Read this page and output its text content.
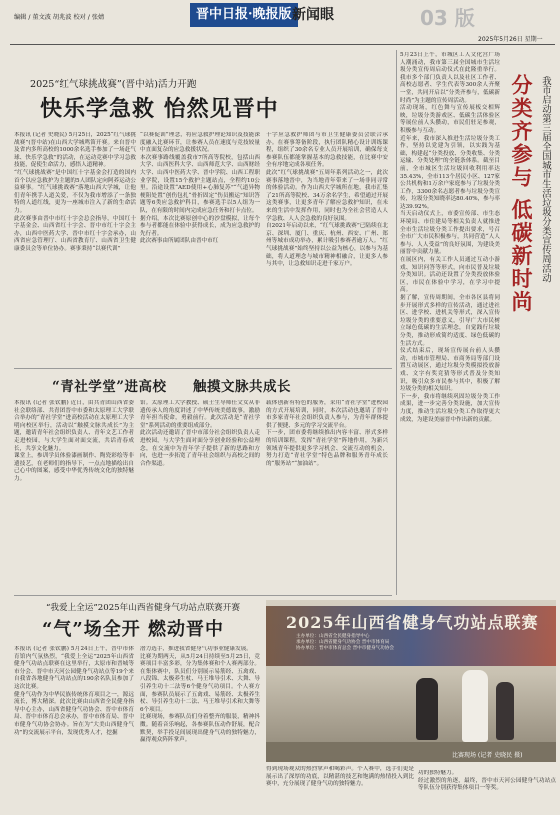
编辑 / 董文波 胡兆波 校对 / 张婧	晋中日报·晚报版 新闻眼	03 版
2025年5月26日 星期一
2025“红气球挑战赛”(晋中站)活力开跑
快乐学急救 怡然见晋中
本报讯 (记者 史晓民) 5月25日，2025“红气球挑战赛”(晋中站)在山西大学城鸣笛开赛。来自晋中及省内多所高校的1000余名选手参加了一场赶气球、快乐学急救”的活动，在运动竞赛中学习急救技能，促使生命活力，感悟人道精神。
“红气球挑战赛”是中国红十字基金会打造的国内首个以应急救护为主题的5人团队定向阿养运动公益赛事。“红气球挑战赛”落地山西大学城，让他们青年携手人道关爱，不仅为我市增添了一条独特的人道红线，更为一座城市注入了新的生命活力。
此次赛事由晋中市红十字会总会指导，中国红十字基金会、山西省红十字会、晋中市红十字会主办，山西中医药大学、晋中市红十字会承办，山西省应急管理厅、山西省教育厅、山西省卫生健康委员会等单位协办。赛事秉持“以赛代训”
“以赛促训”理念，将应急救护理论知识及技能深度融入比赛环节，让参赛人员在速度与竞技较量中直面复杂的应急救援状况。
本次赛事路线覆盖我市7所高等院校，包括山西大学、山西医科大学、山西师范大学、山西财经大学、山西中医药大学、晋中学院、山西工程职业学院，设置15个救护主题站点，全程约10公里。沿途设置“AED使用+心肺复苏”“气道异物梗阻处置“创伤包扎“骨折固定“伤员搬运”知识答题等6类应急救护科目，参赛选手以5人组为一队，在有限的时间内完成应急任务和打卡点位。
据介绍，本次比赛原创中心的沙盘模拟，让每个参与者都能在体验中获得成长，成为应急救护的先行者。
此次赛事由所属团队由晋中市红
十字应急救护师团与市卫生健康委员会联合承办。在赛事筹备阶段，执行团队精心设计训练课程，组织了30余名专业人员开展培训，确保每支参赛队伍都能掌握基本的急救技能，在比赛中安全有序地完成各项任务。
此次“红气球挑战赛”五周年系列活动之一，此次赛事落地晋中，为当地青年带来了一场非同寻常的体验活动。作为山西大学城所在地，我市汇集了21所高等院校、34万余名学生，希望通过开展这类赛事，让更多青年了解应急救护知识，在未来的生活中发挥作用，同时也为全社会营造人人学急救、人人会急救的良好氛围。
自2021年启动以来，“红气球挑战赛”已陆续在北京、深圳、厦门、重庆、杭州、西安、广州、郑州等城市成功举办，累计吸引参赛者逾万人。“红气球挑战赛”始终坚持以公益为核心，以参与为基础，将人道理念与城市精神相融合，让更多人参与其中，让急救知识走进千家万户。
“青社学堂”进高校 触摸文脉共成长
本报讯 (记者 张钦鹏) 近日，由共青团山西省委社会联络部、共青团晋中市委和太原理工大学联合举办的“青社学堂”进高校活动在太原理工大学明向校区举行，活动以“触摸文脉共成长”为主题，邀请青年社会组织负责人、青年文艺工作者走进校园，与大学生面对面交流，共话青春成长，共享文化魅力。
课堂上，参训学员体验漆画制作、陶瓷彩绘等非遗技艺，在老师们的指导下，一点点地描绘出自己心中的图案，感受中华优秀传统文化的独特魅力。
馆。太原理工大学教授、硕士生导师任文女从非遗传承人的角度讲述了中华传统美德故事，激励青年担当使命，勇毅前行。此次活动是“青社学堂”系列活动的重要组成部分。
此次活动还邀请了晋中市部分社会组织负责人走进校园，与大学生面对面分享创业经验和公益理念，在交流中为青年学子提供了新的思路和方向，也进一步拓宽了青年社会组织与高校之间的合作渠道。
载体创新有特色的服务，采用“青社学堂”进校园的方式开展培训，同时，本次活动也邀请了晋中市多家青年社会组织负责人参与，为青年群体提供了便捷、多元的学习交流平台。
下一步，团市委将继续推出内容丰富、形式多样的培训课程，发挥“青社学堂”阵地作用，为新兴领域青年提供更多学习机会、交流互动的机会，努力打造“青社学堂”特色品牌和服务青年成长的“服务站”“加油站”。
分类齐参与 低碳新时尚 我市启动第三届全国城市生活垃圾分类宣传周活动
5月23日上午，市城区工人文化宫广场人潮涌动，我市第三届全国城市生活垃圾分类宣传周启动仪式在此隆重举行。我市多个部门负责人以及社区工作者、高校志愿者、学生代表等300余人齐聚一堂，共同开启以“分类齐参与，低碳新时尚”为主题的宣传周活动。
活动现场，红色舞与宣传展板交相辉映，垃圾分类游戏区、低碳生活体验区等展位前人头攒动，市民们驻足参观，积极参与互动。
近年来，我市深入推进生活垃圾分类工作，坚持以党建为引领，以实践为基础，构建起“分类投放、分类收集、分类运输、分类处理”的全链条体系。截至目前，全市城区生活垃圾回收利用率达35.43%，全市113个居民小区、127家公共机构和1万余户家庭参与了垃圾分类工作，3300余名志愿者参与垃圾分类宣传，垃圾分类知晓率达80.40%，参与率达39.92%。
当天启动仪式上，市委宣传部、市生态环境局、市住建局等相关负责人就推进全市生活垃圾分类工作提出要求，号召全市广大市民积极参与，共同营造“人人参与、人人受益”的良好氛围，为建设美丽晋中贡献力量。
在展区内，有关工作人员通过互动小游戏、知识问答等形式，向市民普及垃圾分类知识。活动还设置了分类投放体验区，市民在体验中学习，在学习中提高。
据了解，宣传周期间，全市各区县将同步开展形式多样的宣传活动，通过进社区、进学校、进机关等形式，深入宣传垃圾分类的重要意义，引导广大市民树立绿色低碳的生活理念，自觉践行垃圾分类，推动形成简约适度、绿色低碳的生活方式。
仪式结束后，现场宣传展台前人头攒动，市城市管理局、市商务局等部门设置互动展区，通过垃圾分类模拟投放游戏、文字有奖竞猜等形式普及分类知识，吸引众多市民参与其中，积极了解垃圾分类的相关知识。
下一步，我市将继续巩固垃圾分类工作成果，进一步完善分类设施，加大宣传力度，推动生活垃圾分类工作取得更大成效，为建设美丽晋中作出新的贡献。
“我爱上全运”2025年山西省健身气功站点联赛开赛
“气”场全开 燃动晋中
本报讯 (记者 张钦鹏) 5月24日上午，晋中市体育馆内气氛热烈，“我爱上全运”2025年山西省健身气功站点联赛在这里举行，太原市和晋城等市分会、晋中市天河公园健身气功站点等19个来自我省各地健身气功站点的190余名队员参加了这次比赛。
健身气功作为中华民族传统体育项目之一，源远流长，博大精深。此次比赛由山西省全民健身指导中心主办，山西省健身气功协会、晋中市体育局、晋中市体育总会承办，晋中市体育局、晋中市健身气功协会协办。旨在为“大美山西健身气功”的交流展示平台，发现优秀人才，挖掘
潜力选手，推进我省健身气功事业健康发展。
比赛为期两天，从5月24日持续至5月25日，竞赛项目丰富多彩，分为集体赛和个人赛两部分。在集体赛中，队员们分别展示易筋经、五禽戏、八段锦、太极养生杖、马王堆导引术、大舞、导引养生功十二法等6个健身气功项目。个人赛方面，参赛队员展示了五禽戏、易筋经、太极养生杖、导引养生功十二法、马王堆导引术和大舞等6个项目。
比赛现场，参赛队员们身着整齐的服装，精神抖擞。随着音乐响起，各参赛队伍动作舒展，配合默契，举手投足间展现出健身气功的独特魅力，赢得观众阵阵掌声。
得到现场观众的热烈掌声和喝彩声。个人赛中，选手们更是展示出了深厚的功底，以精湛的技艺和饱满的热情投入到比赛中，充分展现了健身气功的独特魅力。
功的独特魅力。
经过激烈的角逐，最终，晋中市天河公园健身气功站点等队伍分别获得集体项目一等奖。
2025年山西省健身气功站点联赛
主办单位：山西省全民健身指导中心
承办单位：山西省健身气功协会 晋中市体育局
协办单位：晋中市体育总会 晋中市健身气功协会
比赛现场 (记者 史晓民 摄)
